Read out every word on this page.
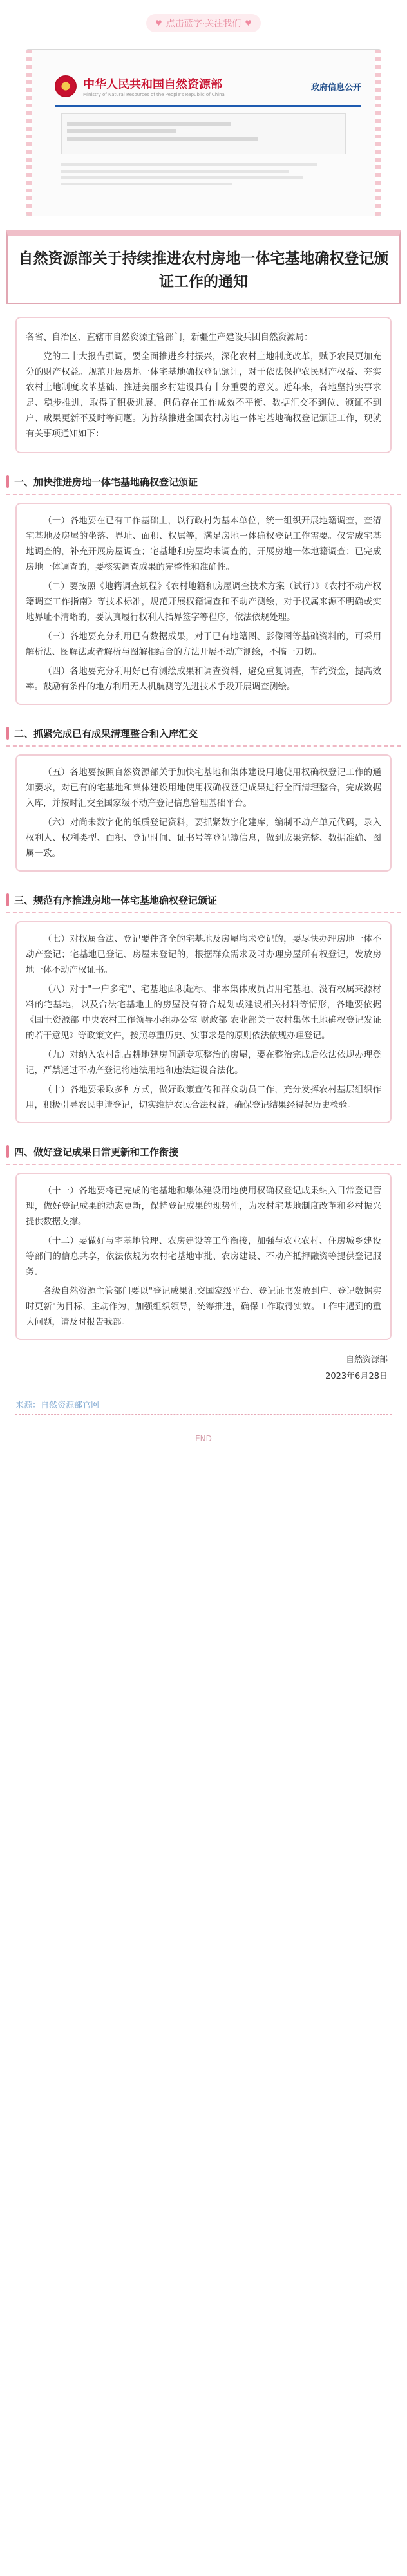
♥ 点击蓝字·关注我们 ♥
中华人民共和国自然资源部
Ministry of Natural Resources of the People's Republic of China
政府信息公开
自然资源部关于持续推进农村房地一体宅基地确权登记颁证工作的通知

各省、自治区、直辖市自然资源主管部门，新疆生产建设兵团自然资源局：

党的二十大报告强调，要全面推进乡村振兴，深化农村土地制度改革，赋予农民更加充分的财产权益。规范开展房地一体宅基地确权登记颁证，对于依法保护农民财产权益、夯实农村土地制度改革基础、推进美丽乡村建设具有十分重要的意义。近年来，各地坚持实事求是、稳步推进，取得了积极进展，但仍存在工作成效不平衡、数据汇交不到位、颁证不到户、成果更新不及时等问题。为持续推进全国农村房地一体宅基地确权登记颁证工作，现就有关事项通知如下：

一、加快推进房地一体宅基地确权登记颁证

（一）各地要在已有工作基础上，以行政村为基本单位，统一组织开展地籍调查，查清宅基地及房屋的坐落、界址、面积、权属等，满足房地一体确权登记工作需要。仅完成宅基地调查的，补充开展房屋调查；宅基地和房屋均未调查的，开展房地一体地籍调查；已完成房地一体调查的，要核实调查成果的完整性和准确性。

（二）要按照《地籍调查规程》《农村地籍和房屋调查技术方案（试行）》《农村不动产权籍调查工作指南》等技术标准，规范开展权籍调查和不动产测绘，对于权属来源不明确或实地界址不清晰的，要认真履行权利人指界签字等程序，依法依规处理。

（三）各地要充分利用已有数据成果，对于已有地籍图、影像图等基础资料的，可采用解析法、图解法或者解析与图解相结合的方法开展不动产测绘，不搞一刀切。

（四）各地要充分利用好已有测绘成果和调查资料，避免重复调查，节约资金，提高效率。鼓励有条件的地方利用无人机航测等先进技术手段开展调查测绘。

二、抓紧完成已有成果清理整合和入库汇交

（五）各地要按照自然资源部关于加快宅基地和集体建设用地使用权确权登记工作的通知要求，对已有的宅基地和集体建设用地使用权确权登记成果进行全面清理整合，完成数据入库，并按时汇交至国家级不动产登记信息管理基础平台。

（六）对尚未数字化的纸质登记资料，要抓紧数字化建库，编制不动产单元代码，录入权利人、权利类型、面积、登记时间、证书号等登记簿信息，做到成果完整、数据准确、图属一致。

三、规范有序推进房地一体宅基地确权登记颁证

（七）对权属合法、登记要件齐全的宅基地及房屋均未登记的，要尽快办理房地一体不动产登记；宅基地已登记、房屋未登记的，根据群众需求及时办理房屋所有权登记，发放房地一体不动产权证书。

（八）对于"一户多宅"、宅基地面积超标、非本集体成员占用宅基地、没有权属来源材料的宅基地，以及合法宅基地上的房屋没有符合规划或建设相关材料等情形，各地要依据《国土资源部 中央农村工作领导小组办公室 财政部 农业部关于农村集体土地确权登记发证的若干意见》等政策文件，按照尊重历史、实事求是的原则依法依规办理登记。

（九）对纳入农村乱占耕地建房问题专项整治的房屋，要在整治完成后依法依规办理登记，严禁通过不动产登记将违法用地和违法建设合法化。

（十）各地要采取多种方式，做好政策宣传和群众动员工作，充分发挥农村基层组织作用，积极引导农民申请登记，切实维护农民合法权益，确保登记结果经得起历史检验。

四、做好登记成果日常更新和工作衔接

（十一）各地要将已完成的宅基地和集体建设用地使用权确权登记成果纳入日常登记管理，做好登记成果的动态更新，保持登记成果的现势性，为农村宅基地制度改革和乡村振兴提供数据支撑。

（十二）要做好与宅基地管理、农房建设等工作衔接，加强与农业农村、住房城乡建设等部门的信息共享，依法依规为农村宅基地审批、农房建设、不动产抵押融资等提供登记服务。

各级自然资源主管部门要以"登记成果汇交国家级平台、登记证书发放到户、登记数据实时更新"为目标，主动作为，加强组织领导，统筹推进，确保工作取得实效。工作中遇到的重大问题，请及时报告我部。

自然资源部
2023年6月28日
来源：自然资源部官网
END
